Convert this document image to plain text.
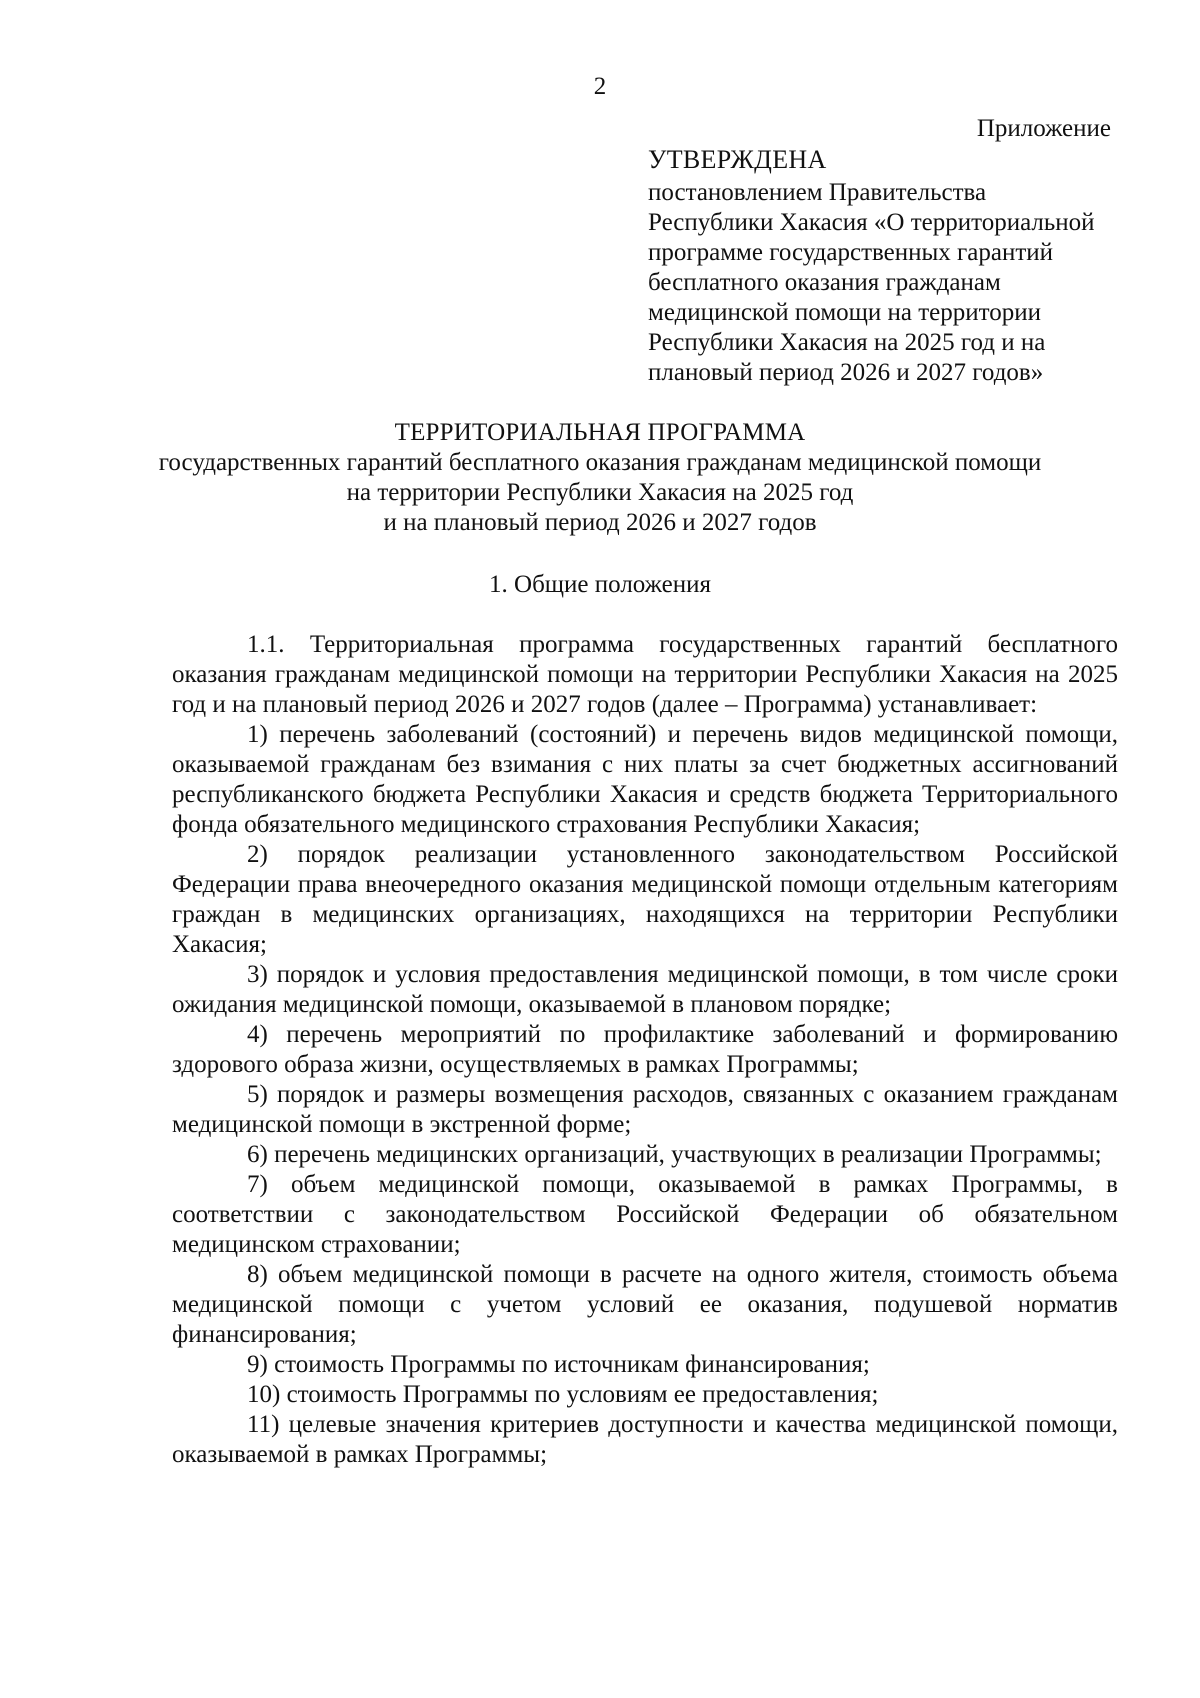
2
Приложение
УТВЕРЖДЕНА
постановлением Правительства
Республики Хакасия «О территориальной
программе государственных гарантий
бесплатного оказания гражданам
медицинской помощи на территории
Республики Хакасия на 2025 год и на
плановый период 2026 и 2027 годов»
ТЕРРИТОРИАЛЬНАЯ ПРОГРАММА
государственных гарантий бесплатного оказания гражданам медицинской помощи
на территории Республики Хакасия на 2025 год
и на плановый период 2026 и 2027 годов
1. Общие положения

1.1. Территориальная программа государственных гарантий бесплатного оказания гражданам медицинской помощи на территории Республики Хакасия на 2025 год и на плановый период 2026 и 2027 годов (далее – Программа) устанавливает:

1) перечень заболеваний (состояний) и перечень видов медицинской помощи, оказываемой гражданам без взимания с них платы за счет бюджетных ассигнований республиканского бюджета Республики Хакасия и средств бюджета Территориального фонда обязательного медицинского страхования Республики Хакасия;

2) порядок реализации установленного законодательством Российской Федерации права внеочередного оказания медицинской помощи отдельным категориям граждан в медицинских организациях, находящихся на территории Республики Хакасия;

3) порядок и условия предоставления медицинской помощи, в том числе сроки ожидания медицинской помощи, оказываемой в плановом порядке;

4) перечень мероприятий по профилактике заболеваний и формированию здорового образа жизни, осуществляемых в рамках Программы;

5) порядок и размеры возмещения расходов, связанных с оказанием гражданам медицинской помощи в экстренной форме;

6) перечень медицинских организаций, участвующих в реализации Программы;

7) объем медицинской помощи, оказываемой в рамках Программы, в соответствии с законодательством Российской Федерации об обязательном медицинском страховании;

8) объем медицинской помощи в расчете на одного жителя, стоимость объема медицинской помощи с учетом условий ее оказания, подушевой норматив финансирования;

9) стоимость Программы по источникам финансирования;

10) стоимость Программы по условиям ее предоставления;

11) целевые значения критериев доступности и качества медицинской помощи, оказываемой в рамках Программы;
